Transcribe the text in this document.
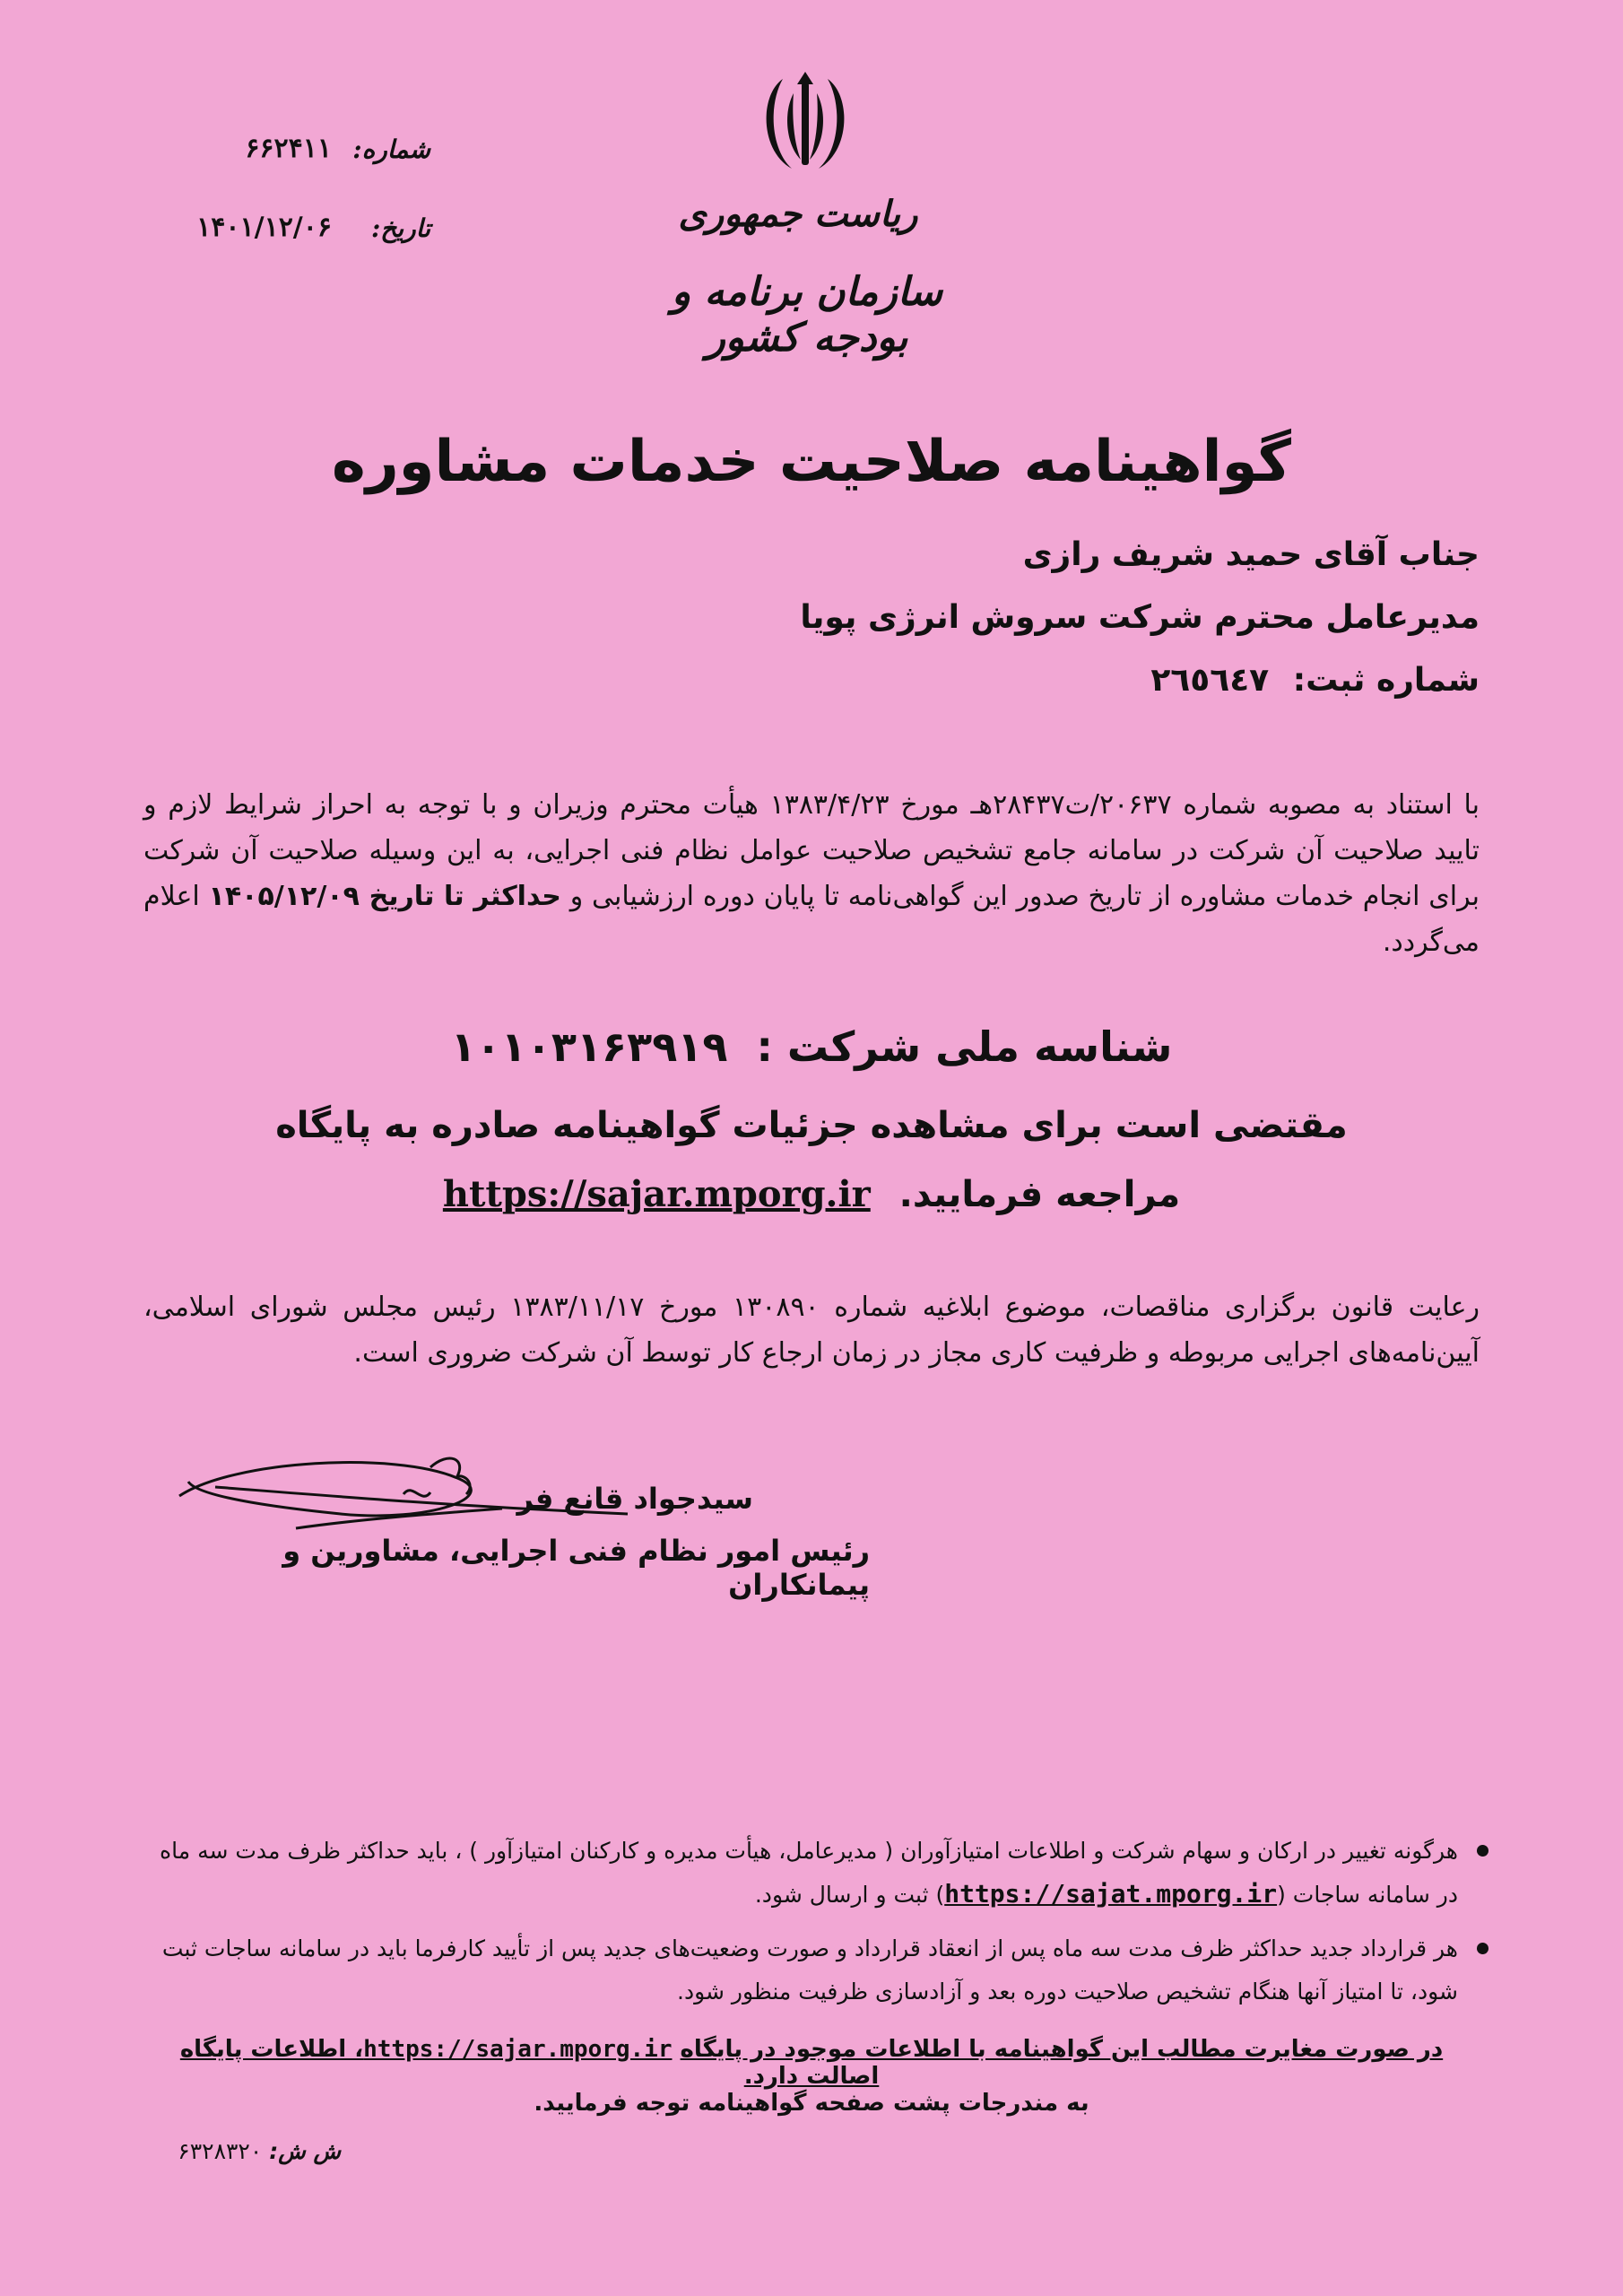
شماره:
۶۶۲۴۱۱
تاریخ:
۱۴۰۱/۱۲/۰۶	ریاست جمهوری
سازمان برنامه و بودجه کشور
گواهینامه صلاحیت خدمات مشاوره
جناب آقای حمید شریف رازی
مدیرعامل محترم شرکت سروش انرژی پویا
شماره ثبت: ٢٦٥٦٤٧
با استناد به مصوبه شماره ۲۰۶۳۷/ت۲۸۴۳۷هـ مورخ ۱۳۸۳/۴/۲۳ هیأت محترم وزیران و با توجه به احراز شرایط لازم و تایید صلاحیت آن شرکت در سامانه جامع تشخیص صلاحیت عوامل نظام فنی اجرایی، به این وسیله صلاحیت آن شرکت برای انجام خدمات مشاوره از تاریخ صدور این گواهی‌نامه تا پایان دوره ارزشیابی و حداکثر تا تاریخ ۱۴۰۵/۱۲/۰۹ اعلام می‌گردد.
شناسه ملی شرکت : ۱۰۱۰۳۱۶۳۹۱۹
مقتضی است برای مشاهده جزئیات گواهینامه صادره به پایگاه
مراجعه فرمایید. https://sajar.mporg.ir
رعایت قانون برگزاری مناقصات، موضوع ابلاغیه شماره ۱۳۰۸۹۰ مورخ ۱۳۸۳/۱۱/۱۷ رئیس مجلس شورای اسلامی، آیین‌نامه‌های اجرایی مربوطه و ظرفیت کاری مجاز در زمان ارجاع کار توسط آن شرکت ضروری است.
سیدجواد قانع فر
رئیس امور نظام فنی اجرایی، مشاورین و پیمانکاران
هرگونه تغییر در ارکان و سهام شرکت و اطلاعات امتیازآوران ( مدیرعامل، هیأت مدیره و کارکنان امتیازآور ) ، باید حداکثر ظرف مدت سه ماه در سامانه ساجات (https://sajat.mporg.ir) ثبت و ارسال شود.
هر قرارداد جدید حداکثر ظرف مدت سه ماه پس از انعقاد قرارداد و صورت وضعیت‌های جدید پس از تأیید کارفرما باید در سامانه ساجات ثبت شود، تا امتیاز آنها هنگام تشخیص صلاحیت دوره بعد و آزادسازی ظرفیت منظور شود.
در صورت مغایرت مطالب این گواهینامه با اطلاعات موجود در پایگاه https://sajar.mporg.ir، اطلاعات پایگاه اصالت دارد.
به مندرجات پشت صفحه گواهینامه توجه فرمایید.
ش ش: ۶۳۲۸۳۲۰
